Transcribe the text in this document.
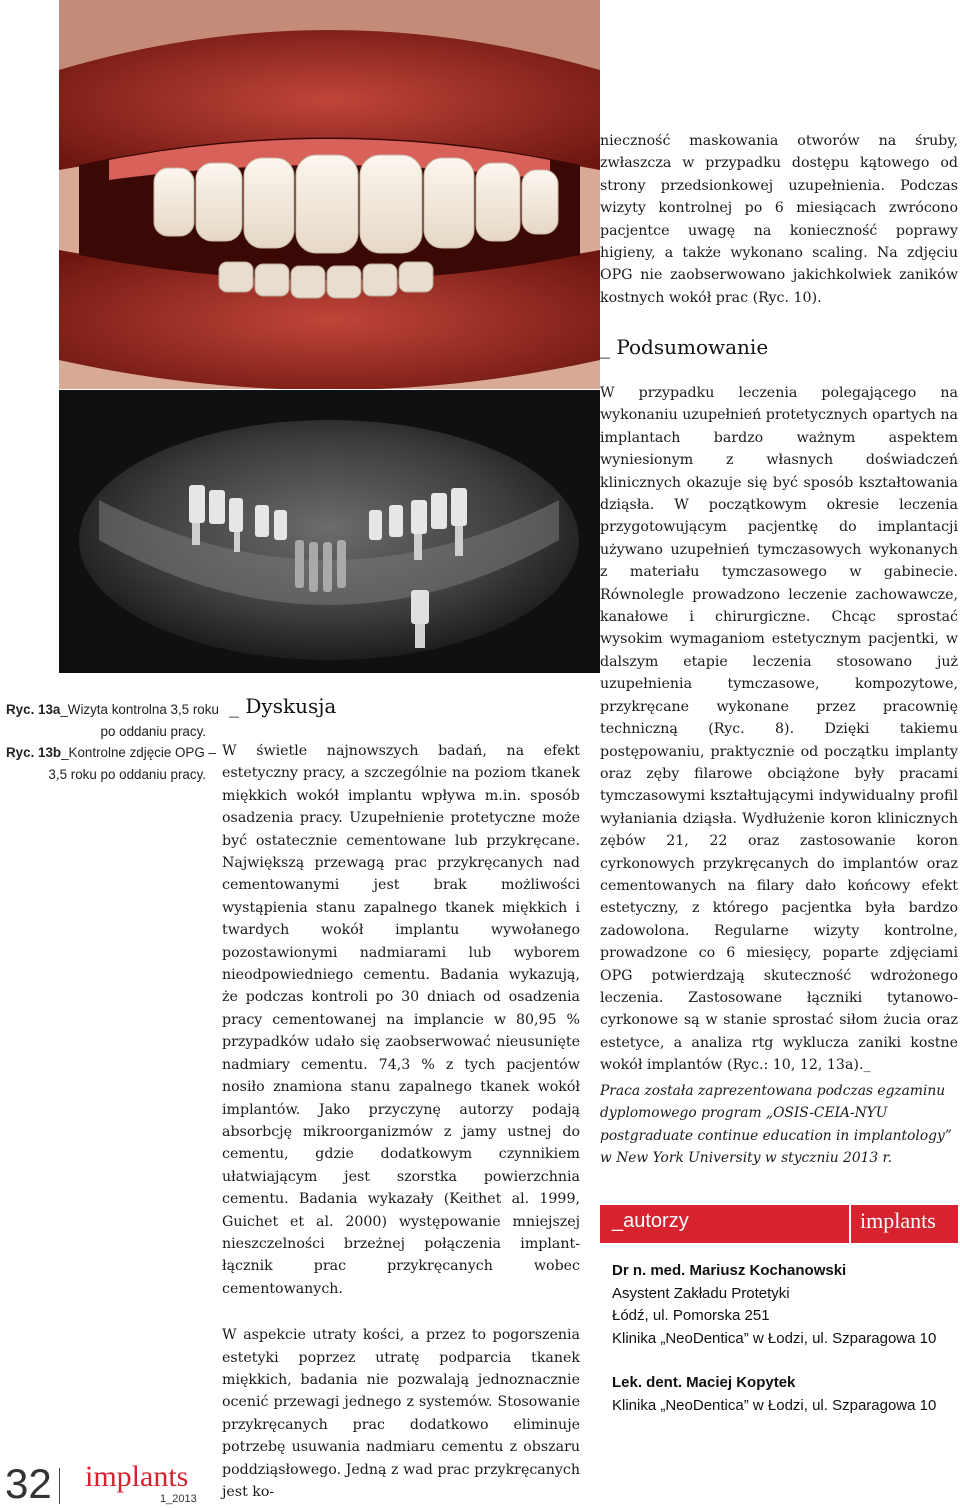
Ryc. 13a
Ryc. 13b
Ryc. 13a_Wizyta kontrolna 3,5 roku
po oddaniu pracy.
Ryc. 13b_Kontrolne zdjęcie OPG –
3,5 roku po oddaniu pracy.

nieczność maskowania otworów na śruby, zwłaszcza w przypadku dostępu kątowego od strony przedsionkowej uzupełnienia. Podczas wizyty kontrolnej po 6 miesiącach zwrócono pacjentce uwagę na konieczność poprawy higieny, a także wykonano scaling. Na zdjęciu OPG nie zaobserwowano jakichkolwiek zaników kostnych wokół prac (Ryc. 10).

_ Podsumowanie

W przypadku leczenia polegającego na wykonaniu uzupełnień protetycznych opartych na implantach bardzo ważnym aspektem wyniesionym z własnych doświadczeń klinicznych okazuje się być sposób kształtowania dziąsła. W początkowym okresie leczenia przygotowującym pacjentkę do implantacji używano uzupełnień tymczasowych wykonanych z materiału tymczasowego w gabinecie. Równolegle prowadzono leczenie zachowawcze, kanałowe i chirurgiczne. Chcąc sprostać wysokim wymaganiom estetycznym pacjentki, w dalszym etapie leczenia stosowano już uzupełnienia tymczasowe, kompozytowe, przykręcane wykonane przez pracownię techniczną (Ryc. 8). Dzięki takiemu postępowaniu, praktycznie od początku implanty oraz zęby filarowe obciążone były pracami tymczasowymi kształtującymi indywidualny profil wyłaniania dziąsła. Wydłużenie koron klinicznych zębów 21, 22 oraz zastosowanie koron cyrkonowych przykręcanych do implantów oraz cementowanych na filary dało końcowy efekt estetyczny, z którego pacjentka była bardzo zadowolona. Regularne wizyty kontrolne, prowadzone co 6 miesięcy, poparte zdjęciami OPG potwierdzają skuteczność wdrożonego leczenia. Zastosowane łączniki tytanowo-cyrkonowe są w stanie sprostać siłom żucia oraz estetyce, a analiza rtg wyklucza zaniki kostne wokół implantów (Ryc.: 10, 12, 13a)._

Praca została zaprezentowana podczas egzaminu dyplomowego program „OSIS-CEIA-NYU postgraduate continue education in implantology” w New York University w styczniu 2013 r.
_ Dyskusja

W świetle najnowszych badań, na efekt estetyczny pracy, a szczególnie na poziom tkanek miękkich wokół implantu wpływa m.in. sposób osadzenia pracy. Uzupełnienie protetyczne może być ostatecznie cementowane lub przykręcane. Największą przewagą prac przykręcanych nad cementowanymi jest brak możliwości wystąpienia stanu zapalnego tkanek miękkich i twardych wokół implantu wywołanego pozostawionymi nadmiarami lub wyborem nieodpowiedniego cementu. Badania wykazują, że podczas kontroli po 30 dniach od osadzenia pracy cementowanej na implancie w 80,95 % przypadków udało się zaobserwować nieusunięte nadmiary cementu. 74,3 % z tych pacjentów nosiło znamiona stanu zapalnego tkanek wokół implantów. Jako przyczynę autorzy podają absorbcję mikroorganizmów z jamy ustnej do cementu, gdzie dodatkowym czynnikiem ułatwiającym jest szorstka powierzchnia cementu. Badania wykazały (Keithet al. 1999, Guichet et al. 2000) występowanie mniejszej nieszczelności brzeżnej połączenia implant-łącznik prac przykręcanych wobec cementowanych.

W aspekcie utraty kości, a przez to pogorszenia estetyki poprzez utratę podparcia tkanek miękkich, badania nie pozwalają jednoznacznie ocenić przewagi jednego z systemów. Stosowanie przykręcanych prac dodatkowo eliminuje potrzebę usuwania nadmiaru cementu z obszaru poddziąsłowego. Jedną z wad prac przykręcanych jest ko-

_autorzy	implants
Dr n. med. Mariusz Kochanowski
Asystent Zakładu Protetyki
Łódź, ul. Pomorska 251
Klinika „NeoDentica” w Łodzi, ul. Szparagowa 10
Lek. dent. Maciej Kopytek
Klinika „NeoDentica” w Łodzi, ul. Szparagowa 10
32 implants
1_2013
